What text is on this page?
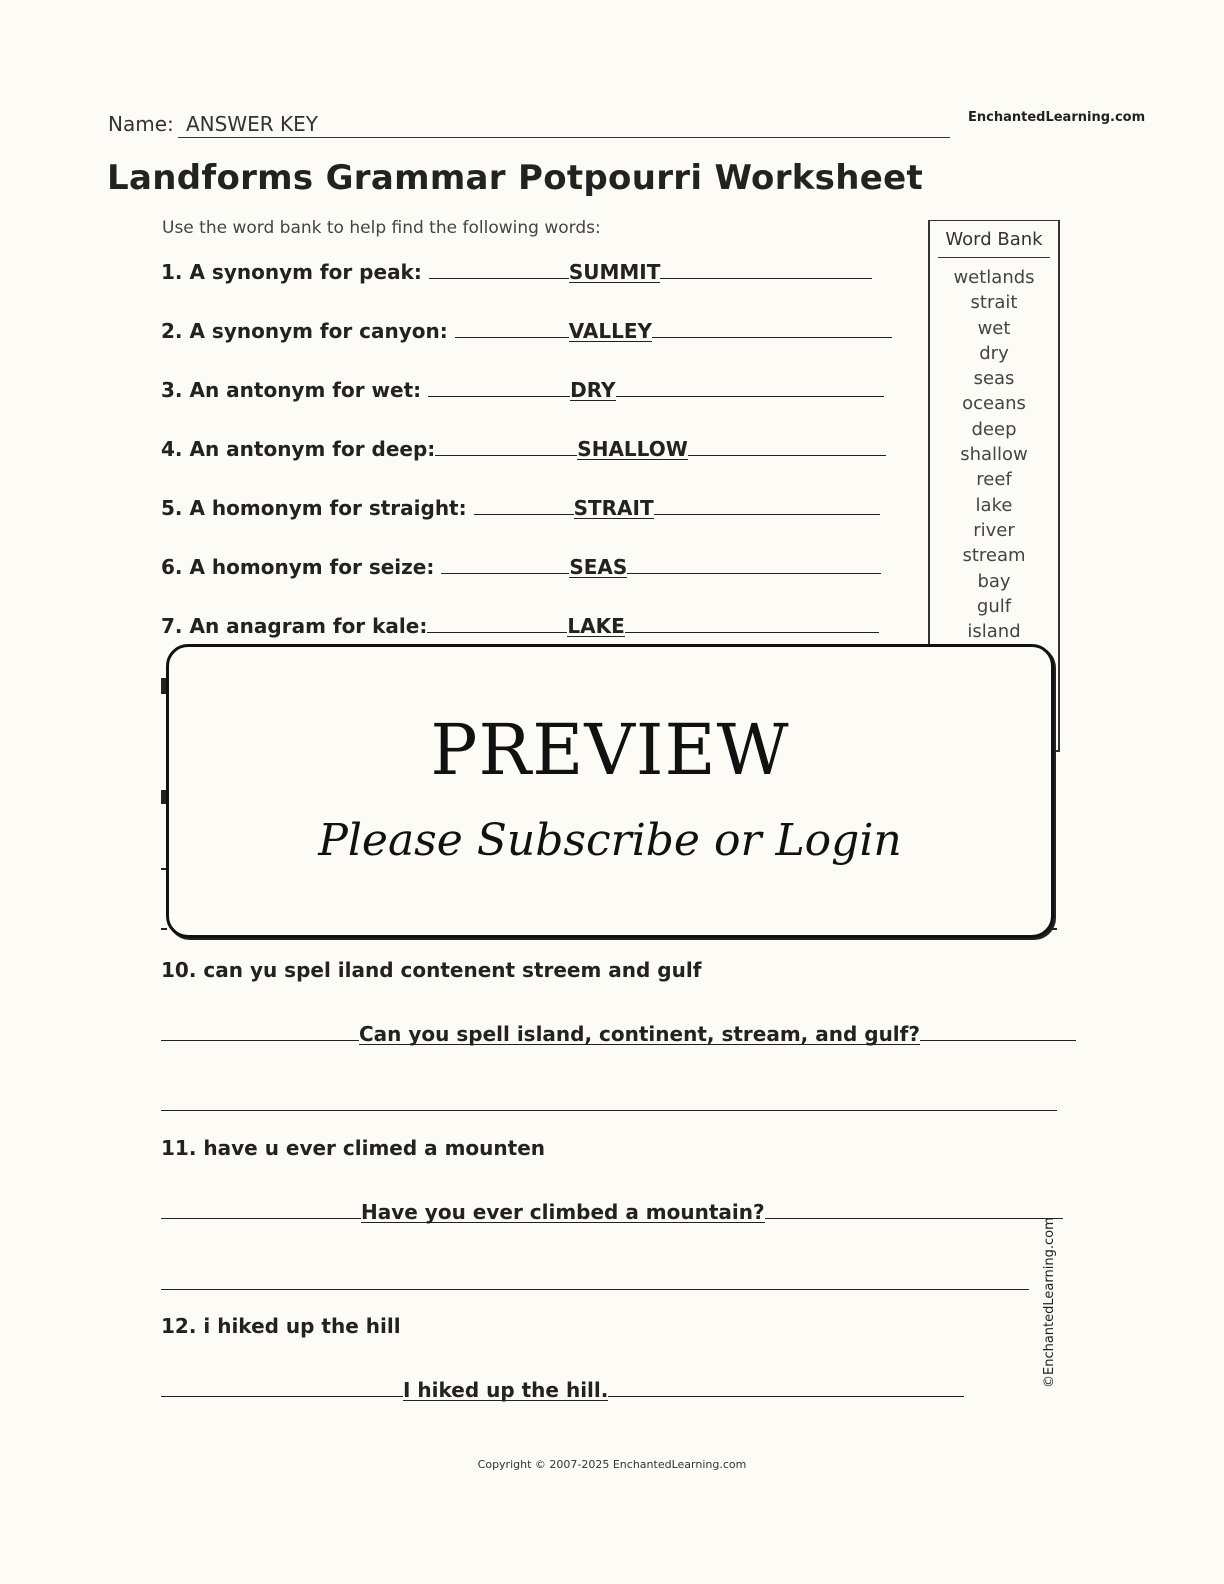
Name: ANSWER KEY	EnchantedLearning.com
Landforms Grammar Potpourri Worksheet
Use the word bank to help find the following words:
1. A synonym for peak:	SUMMIT
2. A synonym for canyon:	VALLEY
3. An antonym for wet:	DRY
4. An antonym for deep:	SHALLOW
5. A homonym for straight:	STRAIT
6. A homonym for seize:	SEAS
7. An anagram for kale:	LAKE
Word Bank
wetlands
strait
wet
dry
seas
oceans
deep
shallow
reef
lake
river
stream
bay
gulf
island
PREVIEW
Please Subscribe or Login
10. can yu spel iland contenent streem and gulf
Can you spell island, continent, stream, and gulf?
11. have u ever climed a mounten
Have you ever climbed a mountain?
12. i hiked up the hill
I hiked up the hill.
©EnchantedLearning.com
Copyright © 2007-2025 EnchantedLearning.com
